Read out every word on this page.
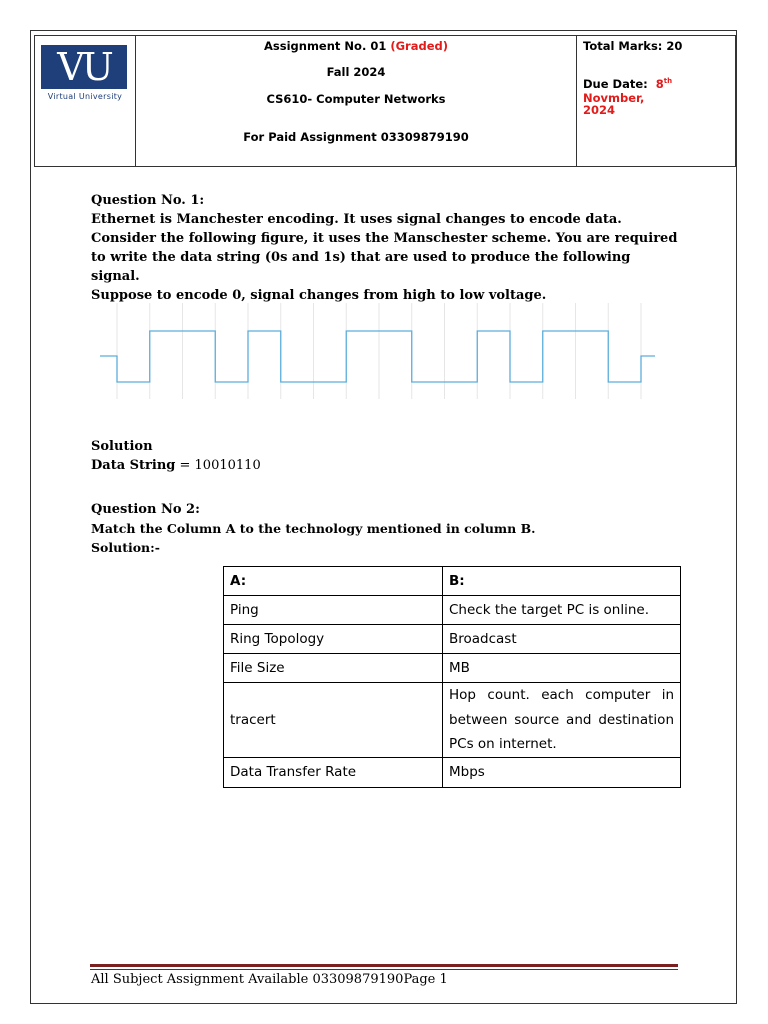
VU
Virtual University
Assignment No. 01 (Graded)
Fall 2024
CS610- Computer Networks
For Paid Assignment 03309879190
Total Marks: 20
Due Date: 8th Novmber,
2024
Question No. 1:
Ethernet is Manchester encoding. It uses signal changes to encode data. Consider the following figure, it uses the Manschester scheme. You are required to write the data string (0s and 1s) that are used to produce the following signal.
Suppose to encode 0, signal changes from high to low voltage.
Solution
Data String = 10010110
Question No 2:
Match the Column A to the technology mentioned in column B.
Solution:-
A:	B:
Ping	Check the target PC is online.
Ring Topology	Broadcast
File Size	MB
tracert	Hop count. each computer in between source and destination PCs on internet.
Data Transfer Rate	Mbps
All Subject Assignment Available 03309879190Page 1
